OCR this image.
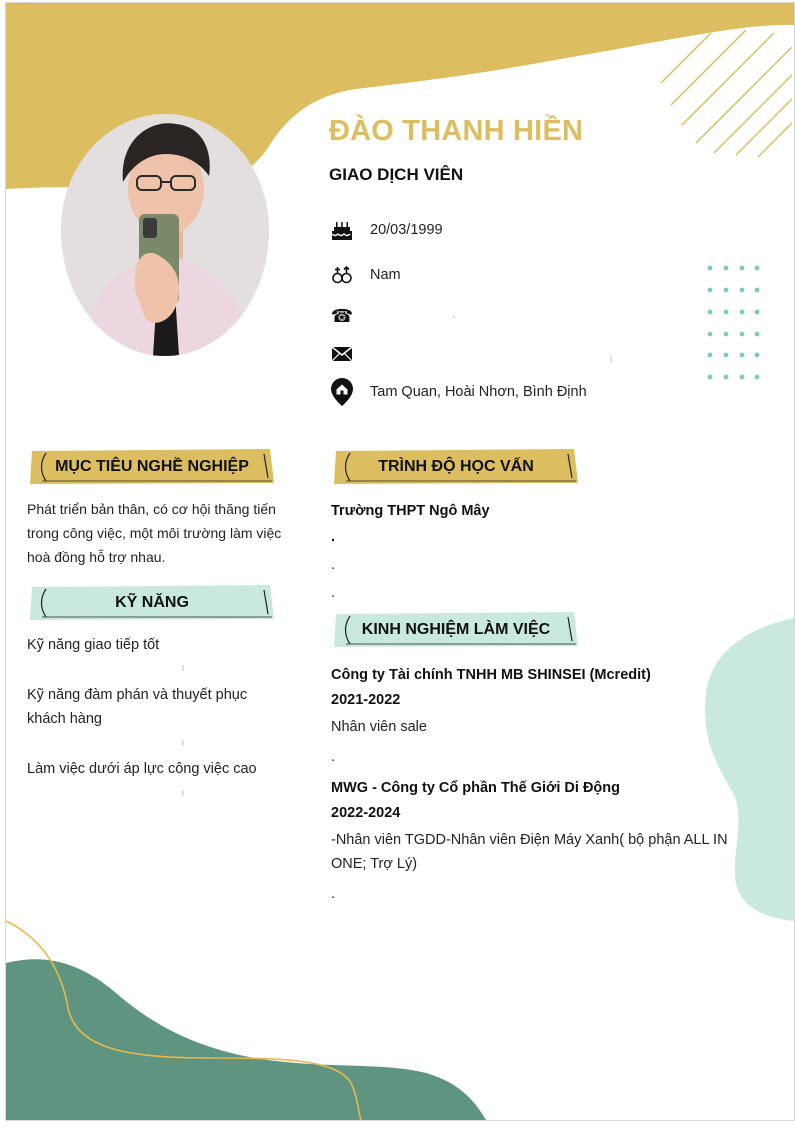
ĐÀO THANH HIỀN
GIAO DỊCH VIÊN
20/03/1999
Nam
☎
Tam Quan, Hoài Nhơn, Bình Định
MỤC TIÊU NGHỀ NGHIỆP
Phát triển bản thân, có cơ hội thăng tiến
trong công việc, một môi trường làm việc
hoà đồng hỗ trợ nhau.
KỸ NĂNG
Kỹ năng giao tiếp tốt
Kỹ năng đàm phán và thuyết phục
khách hàng
Làm việc dưới áp lực công việc cao
TRÌNH ĐỘ HỌC VẤN
Trường THPT Ngô Mây
.
.
.
KINH NGHIỆM LÀM VIỆC
Công ty Tài chính TNHH MB SHINSEI (Mcredit)
2021-2022
Nhân viên sale
.
MWG - Công ty Cổ phần Thế Giới Di Động
2022-2024
-Nhân viên TGDD-Nhân viên Điện Máy Xanh( bộ phận ALL IN
ONE; Trợ Lý)
.
